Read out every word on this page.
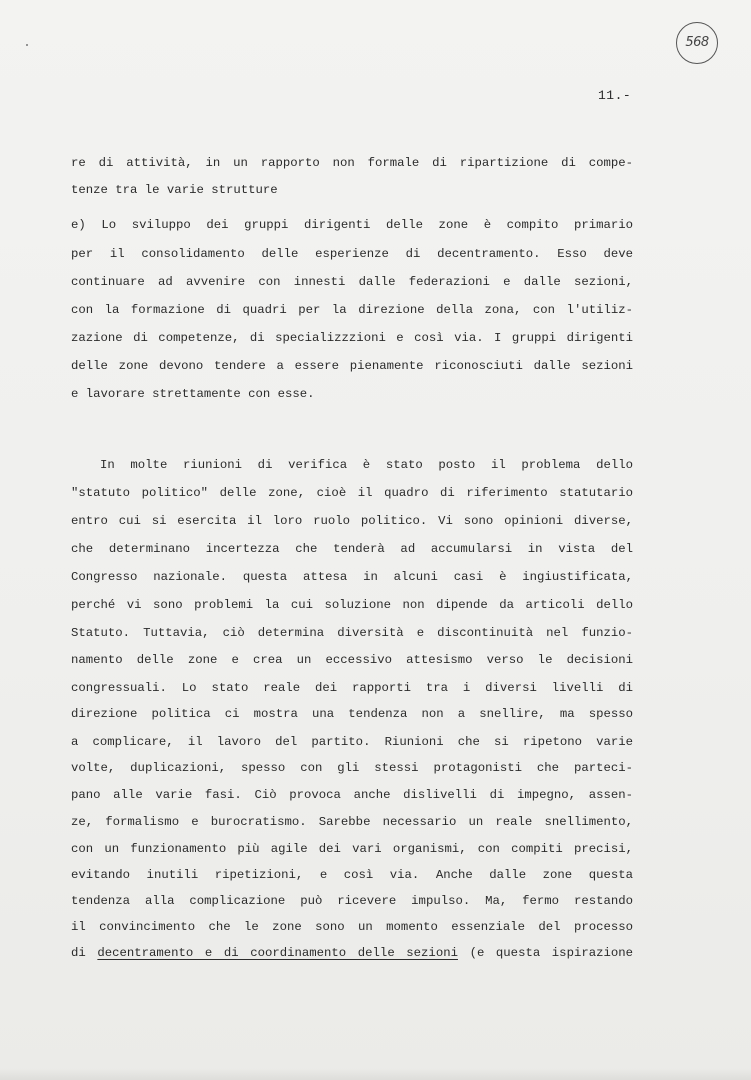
568
11.-
re di attività, in un rapporto non formale di ripartizione di compe-
tenze tra le varie strutture
e) Lo sviluppo dei gruppi dirigenti delle zone è compito primario
per il consolidamento delle esperienze di decentramento. Esso deve
continuare ad avvenire con innesti dalle federazioni e dalle sezioni,
con la formazione di quadri per la direzione della zona, con l'utiliz-
zazione di competenze, di specializzzioni e così via. I gruppi dirigenti
delle zone devono tendere a essere pienamente riconosciuti dalle sezioni
e lavorare strettamente con esse.
In molte riunioni di verifica è stato posto il problema dello
"statuto politico" delle zone, cioè il quadro di riferimento statutario
entro cui si esercita il loro ruolo politico. Vi sono opinioni diverse,
che determinano incertezza che tenderà ad accumularsi in vista del
Congresso nazionale. questa attesa in alcuni casi è ingiustificata,
perché vi sono problemi la cui soluzione non dipende da articoli dello
Statuto. Tuttavia, ciò determina diversità e discontinuità nel funzio-
namento delle zone e crea un eccessivo attesismo verso le decisioni
congressuali. Lo stato reale dei rapporti tra i diversi livelli di
direzione politica ci mostra una tendenza non a snellire, ma spesso
a complicare, il lavoro del partito. Riunioni che si ripetono varie
volte, duplicazioni, spesso con gli stessi protagonisti che parteci-
pano alle varie fasi. Ciò provoca anche dislivelli di impegno, assen-
ze, formalismo e burocratismo. Sarebbe necessario un reale snellimento,
con un funzionamento più agile dei vari organismi, con compiti precisi,
evitando inutili ripetizioni, e così via. Anche dalle zone questa
tendenza alla complicazione può ricevere impulso. Ma, fermo restando
il convincimento che le zone sono un momento essenziale del processo
di decentramento e di coordinamento delle sezioni (e questa ispirazione
